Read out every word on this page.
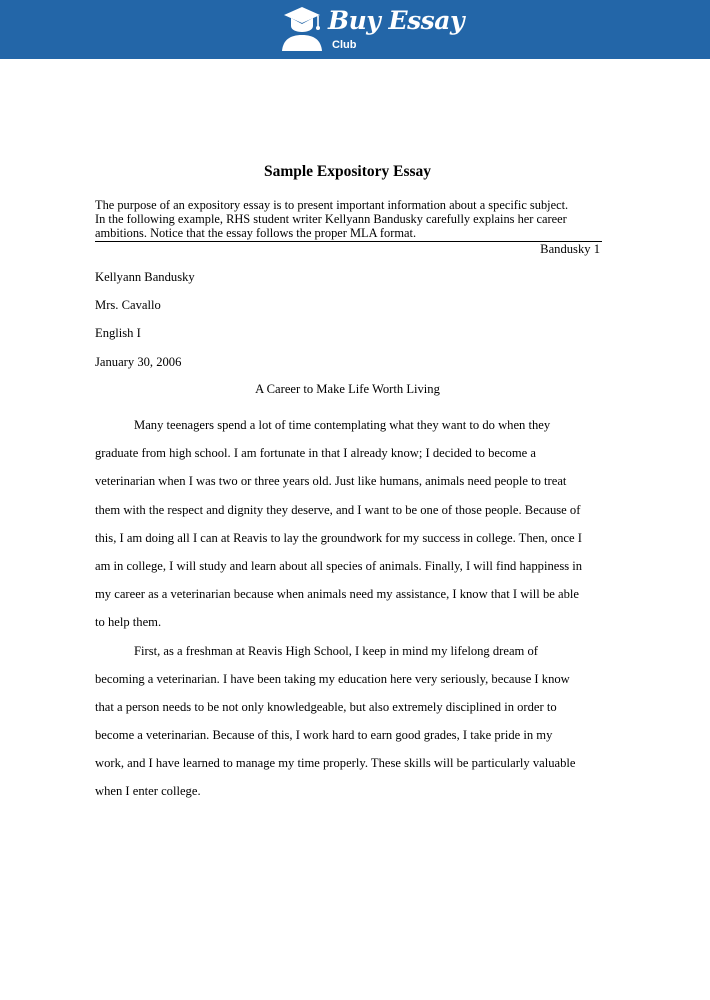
Buy Essay
Club
Sample Expository Essay
The purpose of an expository essay is to present important information about a specific subject.
In the following example, RHS student writer Kellyann Bandusky carefully explains her career
ambitions. Notice that the essay follows the proper MLA format.
Bandusky 1
Kellyann Bandusky
Mrs. Cavallo
English I
January 30, 2006
A Career to Make Life Worth Living
Many teenagers spend a lot of time contemplating what they want to do when they
graduate from high school. I am fortunate in that I already know; I decided to become a
veterinarian when I was two or three years old. Just like humans, animals need people to treat
them with the respect and dignity they deserve, and I want to be one of those people. Because of
this, I am doing all I can at Reavis to lay the groundwork for my success in college. Then, once I
am in college, I will study and learn about all species of animals. Finally, I will find happiness in
my career as a veterinarian because when animals need my assistance, I know that I will be able
to help them.
First, as a freshman at Reavis High School, I keep in mind my lifelong dream of
becoming a veterinarian. I have been taking my education here very seriously, because I know
that a person needs to be not only knowledgeable, but also extremely disciplined in order to
become a veterinarian. Because of this, I work hard to earn good grades, I take pride in my
work, and I have learned to manage my time properly. These skills will be particularly valuable
when I enter college.
